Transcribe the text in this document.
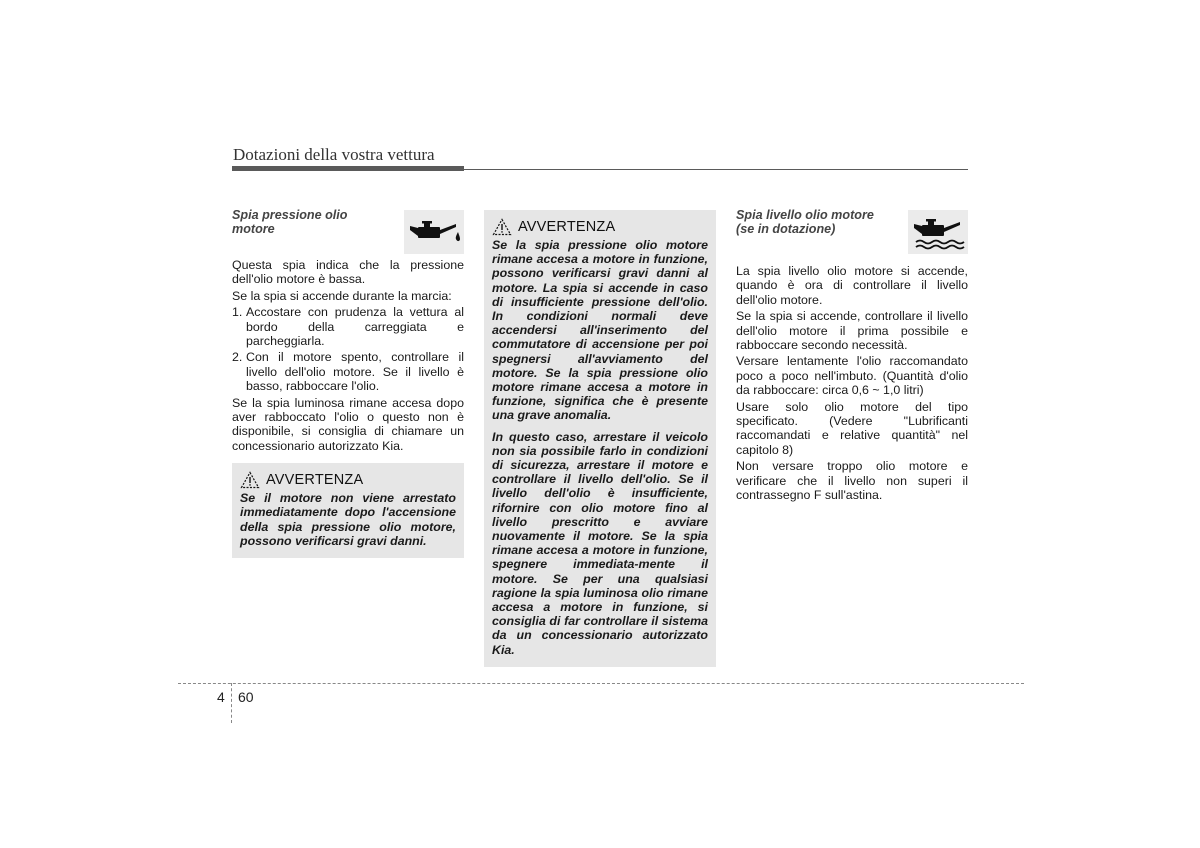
Dotazioni della vostra vettura
Spia pressione olio motore

Questa spia indica che la pressione dell'olio motore è bassa.

Se la spia si accende durante la marcia:

1. Accostare con prudenza la vettura al bordo della carreggiata e parcheggiarla.
2. Con il motore spento, controllare il livello dell'olio motore. Se il livello è basso, rabboccare l'olio.

Se la spia luminosa rimane accesa dopo aver rabboccato l'olio o questo non è disponibile, si consiglia di chiamare un concessionario autorizzato Kia.

AVVERTENZA

Se il motore non viene arrestato immediatamente dopo l'accensione della spia pressione olio motore, possono verificarsi gravi danni.

AVVERTENZA

Se la spia pressione olio motore rimane accesa a motore in funzione, possono verificarsi gravi danni al motore. La spia si accende in caso di insufficiente pressione dell'olio. In condizioni normali deve accendersi all'inserimento del commutatore di accensione per poi spegnersi all'avviamento del motore. Se la spia pressione olio motore rimane accesa a motore in funzione, significa che è presente una grave anomalia.

In questo caso, arrestare il veicolo non sia possibile farlo in condizioni di sicurezza, arrestare il motore e controllare il livello dell'olio. Se il livello dell'olio è insufficiente, rifornire con olio motore fino al livello prescritto e avviare nuovamente il motore. Se la spia rimane accesa a motore in funzione, spegnere immediata-mente il motore. Se per una qualsiasi ragione la spia luminosa olio rimane accesa a motore in funzione, si consiglia di far controllare il sistema da un concessionario autorizzato Kia.

Spia livello olio motore (se in dotazione)

La spia livello olio motore si accende, quando è ora di controllare il livello dell'olio motore.

Se la spia si accende, controllare il livello dell'olio motore il prima possibile e rabboccare secondo necessità.

Versare lentamente l'olio raccomandato poco a poco nell'imbuto. (Quantità d'olio da rabboccare: circa 0,6 ~ 1,0 litri)

Usare solo olio motore del tipo specificato. (Vedere "Lubrificanti raccomandati e relative quantità" nel capitolo 8)

Non versare troppo olio motore e verificare che il livello non superi il contrassegno F sull'astina.

4 60
